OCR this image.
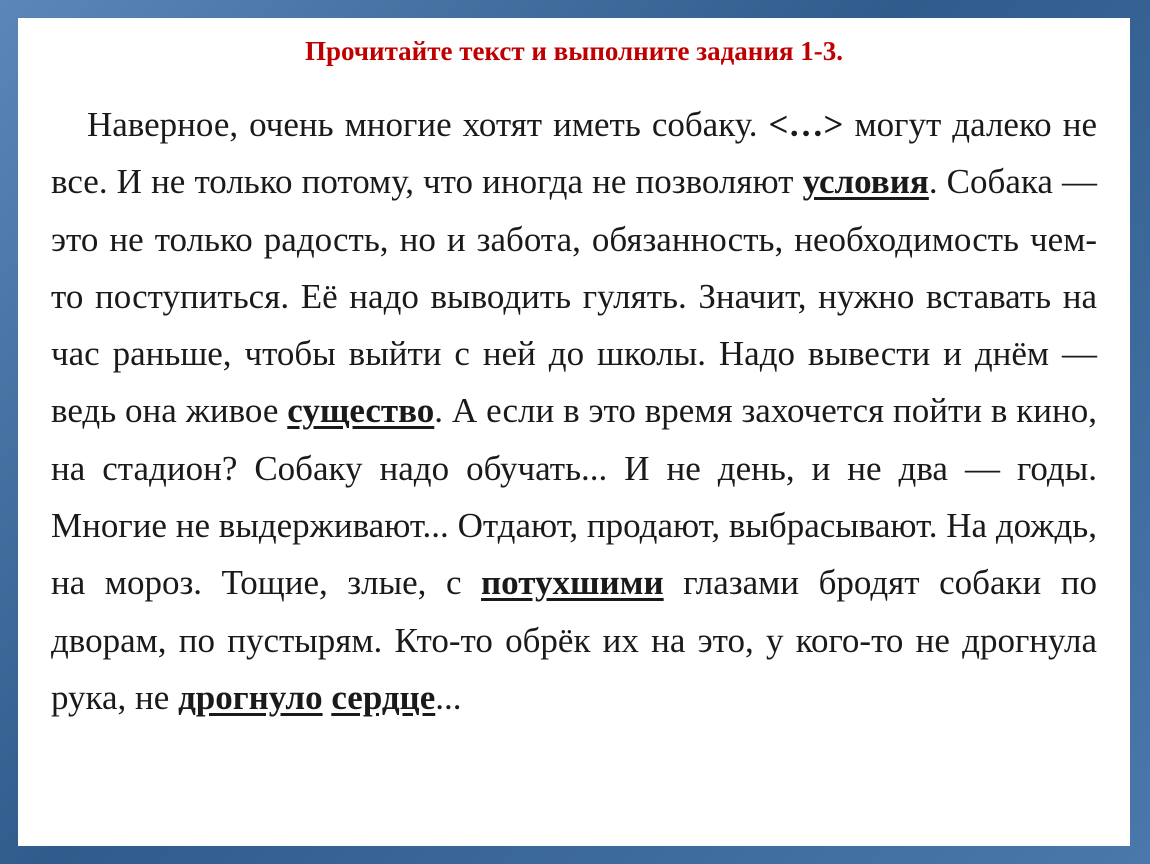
Прочитайте текст и выполните задания 1-3.
Наверное, очень многие хотят иметь собаку. <…> могут далеко не все. И не только потому, что иногда не позволяют условия. Собака — это не только радость, но и забота, обязанность, необходимость чем-то поступиться. Её надо выводить гулять. Значит, нужно вставать на час раньше, чтобы выйти с ней до школы. Надо вывести и днём — ведь она живое существо. А если в это время захочется пойти в кино, на стадион? Собаку надо обучать... И не день, и не два — годы. Многие не выдерживают... Отдают, продают, выбрасывают. На дождь, на мороз. Тощие, злые, с потухшими глазами бродят собаки по дворам, по пустырям. Кто-то обрёк их на это, у кого-то не дрогнула рука, не дрогнуло сердце...
